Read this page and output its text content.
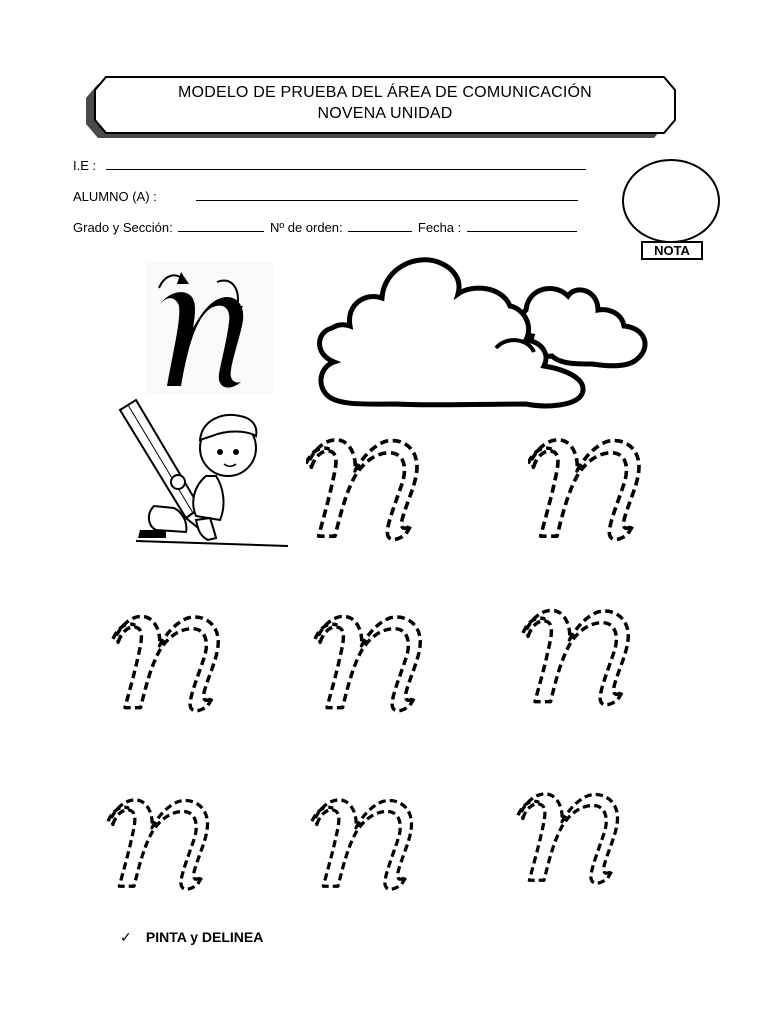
MODELO DE PRUEBA DEL ÁREA DE COMUNICACIÓN
NOVENA UNIDAD
I.E :
ALUMNO (A) :
Grado y Sección:	Nº de orden:	Fecha :
NOTA
✓ PINTA y DELINEA
